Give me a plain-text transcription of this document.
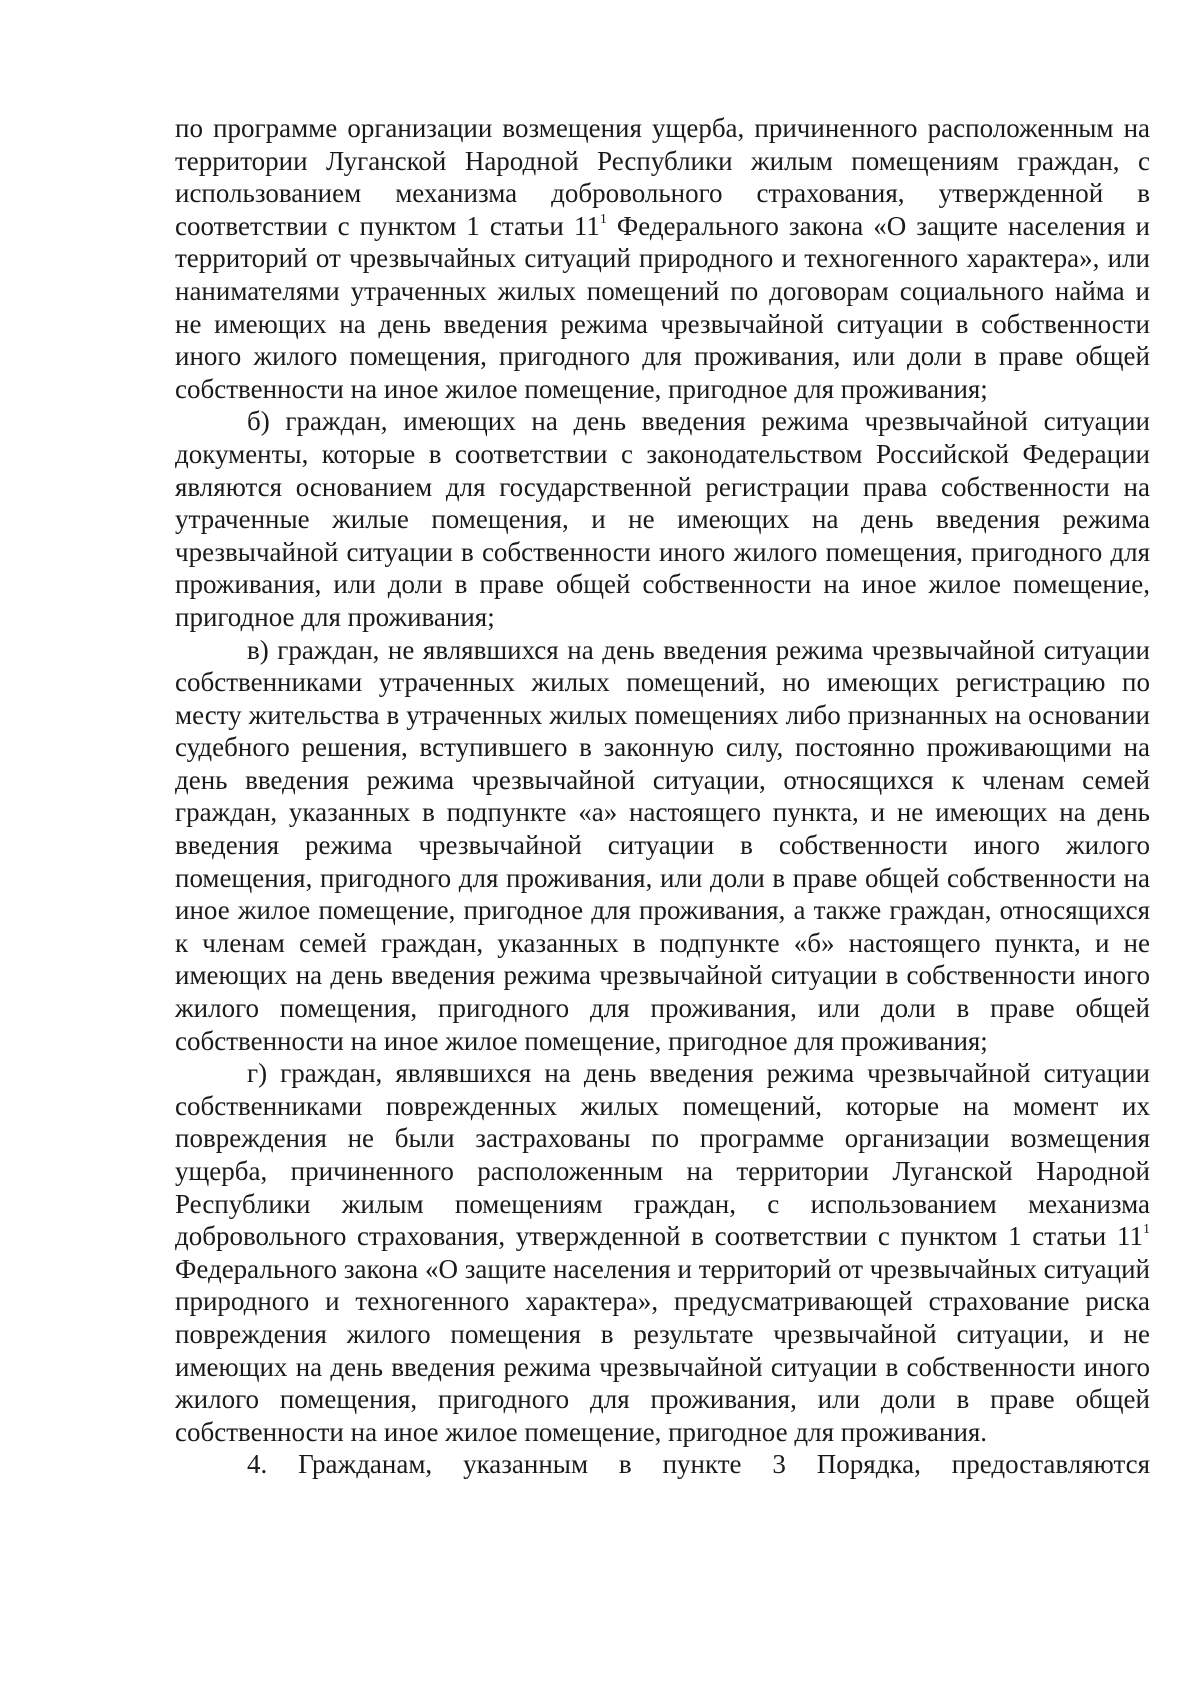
по программе организации возмещения ущерба, причиненного расположенным на территории Луганской Народной Республики жилым помещениям граждан, с использованием механизма добровольного страхования, утвержденной в соответствии с пунктом 1 статьи $11^1$ Федерального закона «О защите населения и территорий от чрезвычайных ситуаций природного и техногенного характера», или нанимателями утраченных жилых помещений по договорам социального найма и не имеющих на день введения режима чрезвычайной ситуации в собственности иного жилого помещения, пригодного для проживания, или доли в праве общей собственности на иное жилое помещение, пригодное для проживания;

б) граждан, имеющих на день введения режима чрезвычайной ситуации документы, которые в соответствии с законодательством Российской Федерации являются основанием для государственной регистрации права собственности на утраченные жилые помещения, и не имеющих на день введения режима чрезвычайной ситуации в собственности иного жилого помещения, пригодного для проживания, или доли в праве общей собственности на иное жилое помещение, пригодное для проживания;

в) граждан, не являвшихся на день введения режима чрезвычайной ситуации собственниками утраченных жилых помещений, но имеющих регистрацию по месту жительства в утраченных жилых помещениях либо признанных на основании судебного решения, вступившего в законную силу, постоянно проживающими на день введения режима чрезвычайной ситуации, относящихся к членам семей граждан, указанных в подпункте «а» настоящего пункта, и не имеющих на день введения режима чрезвычайной ситуации в собственности иного жилого помещения, пригодного для проживания, или доли в праве общей собственности на иное жилое помещение, пригодное для проживания, а также граждан, относящихся к членам семей граждан, указанных в подпункте «б» настоящего пункта, и не имеющих на день введения режима чрезвычайной ситуации в собственности иного жилого помещения, пригодного для проживания, или доли в праве общей собственности на иное жилое помещение, пригодное для проживания;

г) граждан, являвшихся на день введения режима чрезвычайной ситуации собственниками поврежденных жилых помещений, которые на момент их повреждения не были застрахованы по программе организации возмещения ущерба, причиненного расположенным на территории Луганской Народной Республики жилым помещениям граждан, с использованием механизма добровольного страхования, утвержденной в соответствии с пунктом 1 статьи $11^1$ Федерального закона «О защите населения и территорий от чрезвычайных ситуаций природного и техногенного характера», предусматривающей страхование риска повреждения жилого помещения в результате чрезвычайной ситуации, и не имеющих на день введения режима чрезвычайной ситуации в собственности иного жилого помещения, пригодного для проживания, или доли в праве общей собственности на иное жилое помещение, пригодное для проживания.

4. Гражданам, указанным в пункте 3 Порядка, предоставляются
